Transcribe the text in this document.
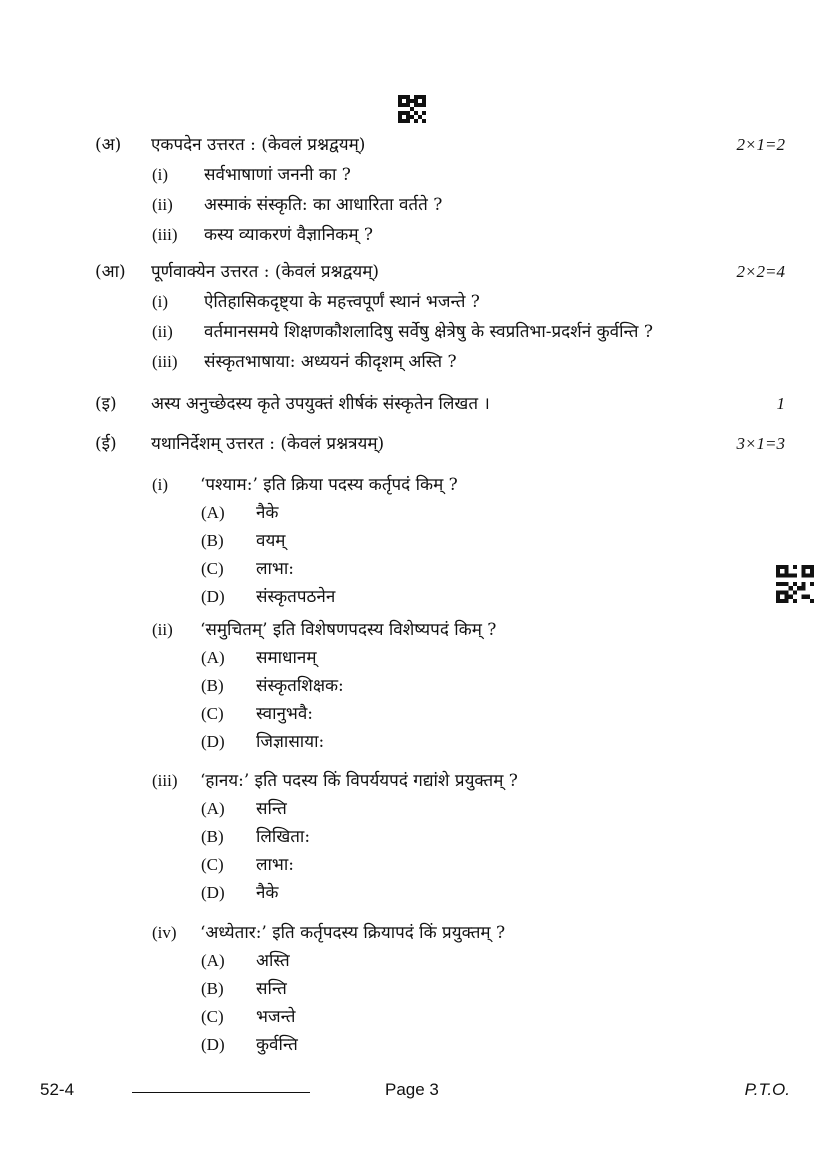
(अ)	एकपदेन उत्तरत : (केवलं प्रश्नद्वयम्)	2×1=2
(i)	सर्वभाषाणां जननी का ?
(ii)	अस्माकं संस्कृति: का आधारिता वर्तते ?
(iii)	कस्य व्याकरणं वैज्ञानिकम् ?
(आ)	पूर्णवाक्येन उत्तरत : (केवलं प्रश्नद्वयम्)	2×2=4
(i)	ऐतिहासिकदृष्ट्या के महत्त्वपूर्णं स्थानं भजन्ते ?
(ii)	वर्तमानसमये शिक्षणकौशलादिषु सर्वेषु क्षेत्रेषु के स्वप्रतिभा-प्रदर्शनं कुर्वन्ति ?
(iii)	संस्कृतभाषाया: अध्ययनं कीदृशम् अस्ति ?
(इ)	अस्य अनुच्छेदस्य कृते उपयुक्तं शीर्षकं संस्कृतेन लिखत ।	1
(ई)	यथानिर्देशम् उत्तरत : (केवलं प्रश्नत्रयम्)	3×1=3
(i)	‘पश्याम:’ इति क्रिया पदस्य कर्तृपदं किम् ?
(A)	नैके
(B)	वयम्
(C)	लाभा:
(D)	संस्कृतपठनेन
(ii)	‘समुचितम्’ इति विशेषणपदस्य विशेष्यपदं किम् ?
(A)	समाधानम्
(B)	संस्कृतशिक्षक:
(C)	स्वानुभवै:
(D)	जिज्ञासाया:
(iii)	‘हानय:’ इति पदस्य किं विपर्ययपदं गद्यांशे प्रयुक्तम् ?
(A)	सन्ति
(B)	लिखिता:
(C)	लाभा:
(D)	नैके
(iv)	‘अध्येतार:’ इति कर्तृपदस्य क्रियापदं किं प्रयुक्तम् ?
(A)	अस्ति
(B)	सन्ति
(C)	भजन्ते
(D)	कुर्वन्ति
52-4	Page 3	P.T.O.
